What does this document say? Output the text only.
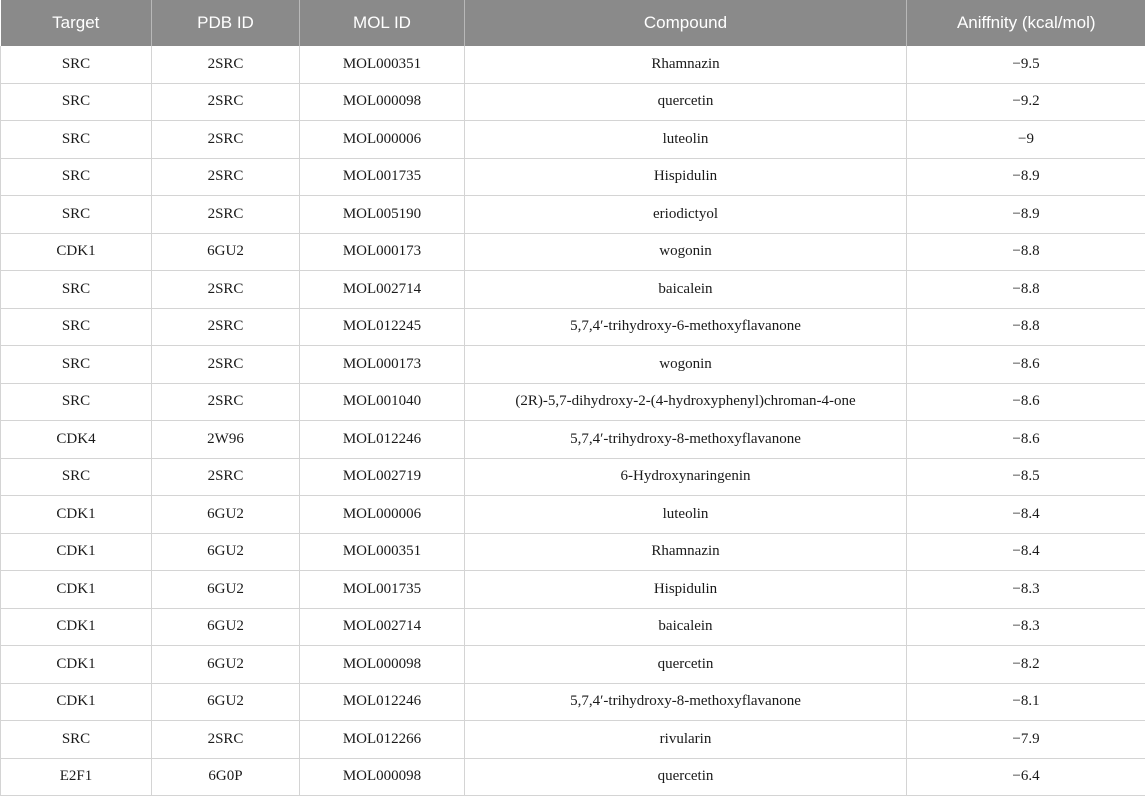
Target	PDB ID	MOL ID	Compound	Aniffnity (kcal/mol)
SRC	2SRC	MOL000351	Rhamnazin	−9.5
SRC	2SRC	MOL000098	quercetin	−9.2
SRC	2SRC	MOL000006	luteolin	−9
SRC	2SRC	MOL001735	Hispidulin	−8.9
SRC	2SRC	MOL005190	eriodictyol	−8.9
CDK1	6GU2	MOL000173	wogonin	−8.8
SRC	2SRC	MOL002714	baicalein	−8.8
SRC	2SRC	MOL012245	5,7,4′-trihydroxy-6-methoxyflavanone	−8.8
SRC	2SRC	MOL000173	wogonin	−8.6
SRC	2SRC	MOL001040	(2R)-5,7-dihydroxy-2-(4-hydroxyphenyl)chroman-4-one	−8.6
CDK4	2W96	MOL012246	5,7,4′-trihydroxy-8-methoxyflavanone	−8.6
SRC	2SRC	MOL002719	6-Hydroxynaringenin	−8.5
CDK1	6GU2	MOL000006	luteolin	−8.4
CDK1	6GU2	MOL000351	Rhamnazin	−8.4
CDK1	6GU2	MOL001735	Hispidulin	−8.3
CDK1	6GU2	MOL002714	baicalein	−8.3
CDK1	6GU2	MOL000098	quercetin	−8.2
CDK1	6GU2	MOL012246	5,7,4′-trihydroxy-8-methoxyflavanone	−8.1
SRC	2SRC	MOL012266	rivularin	−7.9
E2F1	6G0P	MOL000098	quercetin	−6.4
